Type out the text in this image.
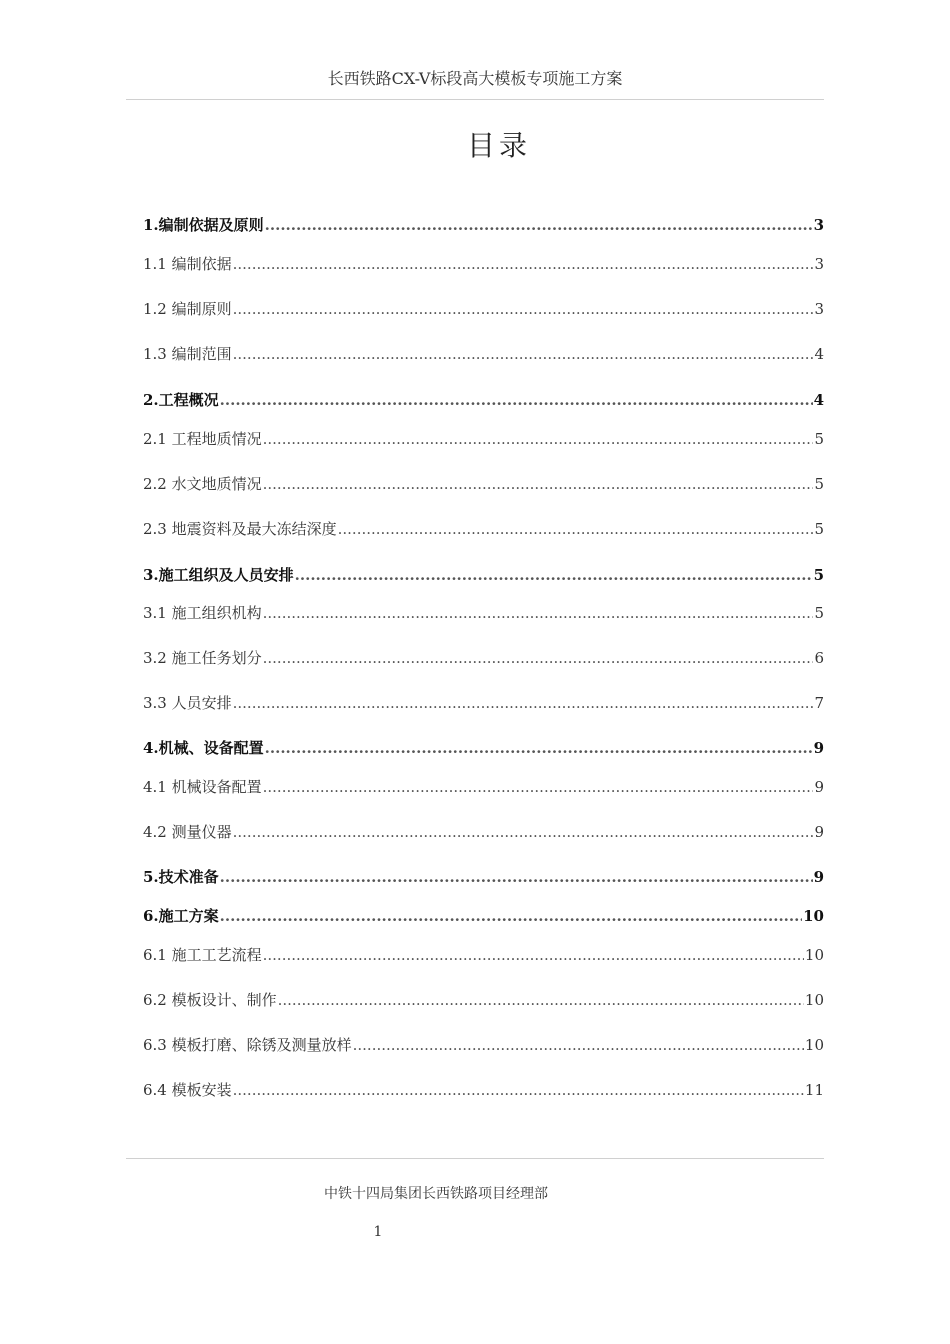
长西铁路CX-V标段高大模板专项施工方案
目录
1.编制依据及原则 .....	3
1.1 编制依据 .....	3
1.2 编制原则 .....	3
1.3 编制范围 .....	4
2.工程概况 .....	4
2.1 工程地质情况 .....	5
2.2 水文地质情况 .....	5
2.3 地震资料及最大冻结深度 .....	5
3.施工组织及人员安排 .....	5
3.1 施工组织机构 .....	5
3.2 施工任务划分 .....	6
3.3 人员安排 .....	7
4.机械、设备配置 .....	9
4.1 机械设备配置 .....	9
4.2 测量仪器 .....	9
5.技术准备 .....	9
6.施工方案 .....	10
6.1 施工工艺流程 .....	10
6.2 模板设计、制作 .....	10
6.3 模板打磨、除锈及测量放样 .....	10
6.4 模板安装 .....	11
中铁十四局集团长西铁路项目经理部
1
